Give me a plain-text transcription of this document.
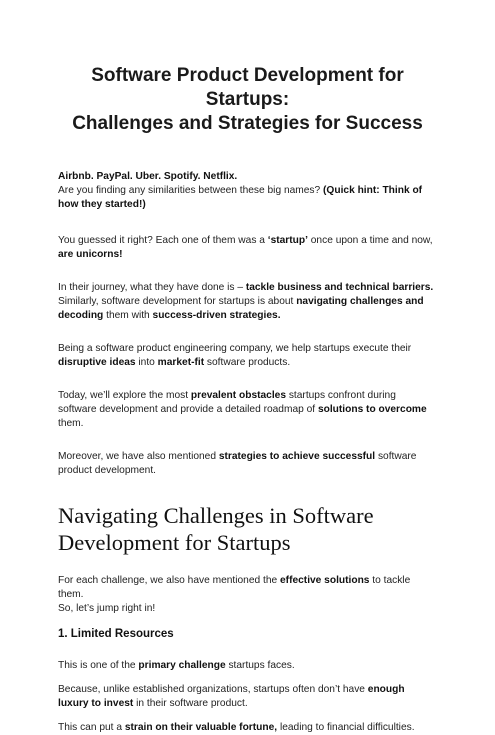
Software Product Development for Startups:
Challenges and Strategies for Success

Airbnb. PayPal. Uber. Spotify. Netflix.
Are you finding any similarities between these big names? (Quick hint: Think of how they started!)

You guessed it right? Each one of them was a ‘startup’ once upon a time and now, are unicorns!

In their journey, what they have done is – tackle business and technical barriers. Similarly, software development for startups is about navigating challenges and decoding them with success-driven strategies.

Being a software product engineering company, we help startups execute their disruptive ideas into market-fit software products.

Today, we’ll explore the most prevalent obstacles startups confront during software development and provide a detailed roadmap of solutions to overcome them.

Moreover, we have also mentioned strategies to achieve successful software product development.

Navigating Challenges in Software Development for Startups

For each challenge, we also have mentioned the effective solutions to tackle them.
So, let’s jump right in!

1. Limited Resources

This is one of the primary challenge startups faces.

Because, unlike established organizations, startups often don’t have enough luxury to invest in their software product.

This can put a strain on their valuable fortune, leading to financial difficulties.
